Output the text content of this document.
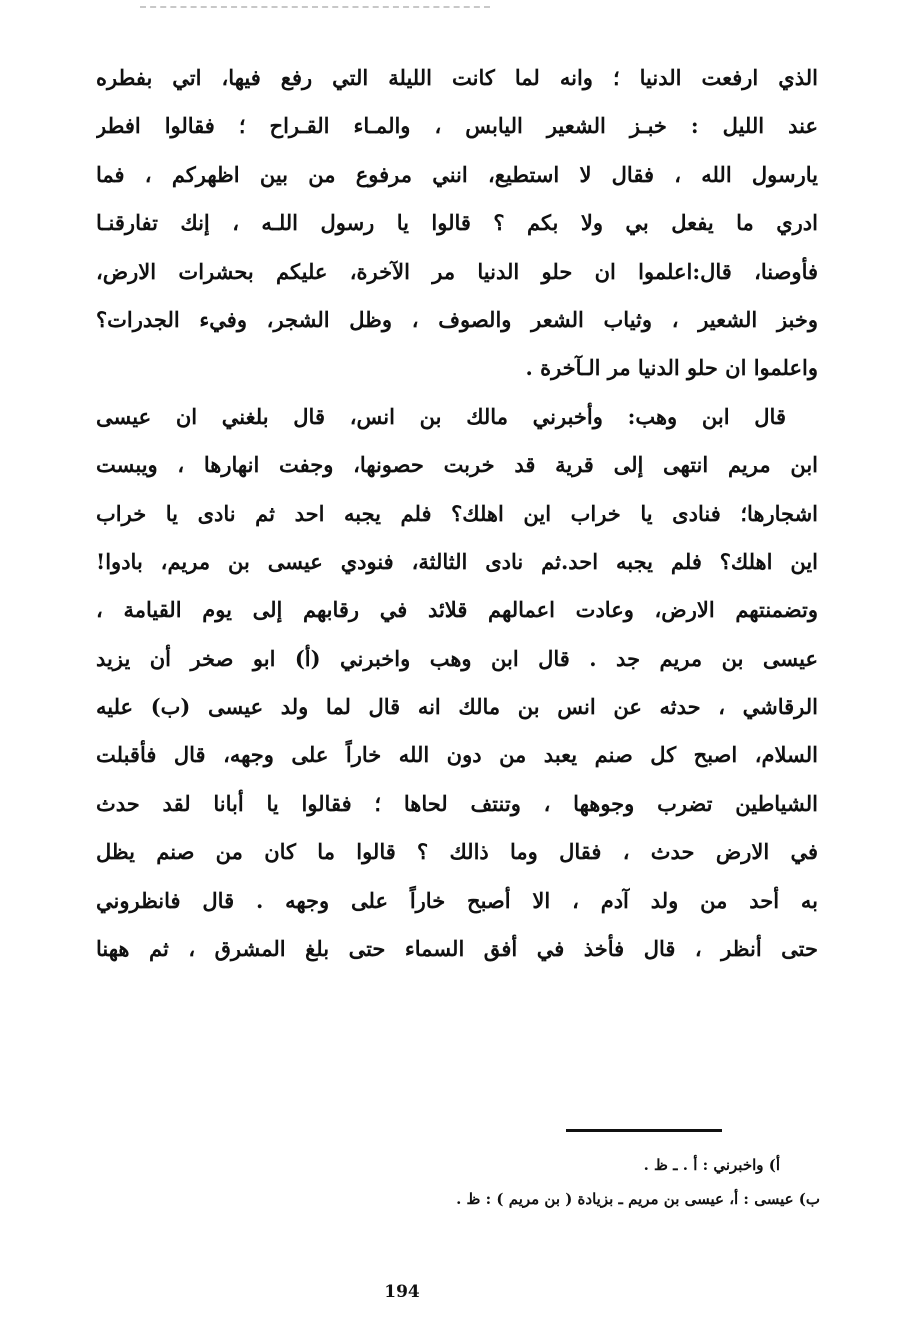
الذي ارفعت الدنيا ؛ وانه لما كانت الليلة التي رفع فيها، اتي بفطره
عند الليل : خبـز الشعير اليابس ، والمـاء القـراح ؛ فقالوا افطر
يارسول الله ، فقال لا استطيع، انني مرفوع من بين اظهركم ، فما
ادري ما يفعل بي ولا بكم ؟ قالوا يا رسول اللـه ، إنك تفارقنـا
فأوصنا، قال:اعلموا ان حلو الدنيا مر الآخرة، عليكم بحشرات الارض،
وخبز الشعير ، وثياب الشعر والصوف ، وظل الشجر، وفيء الجدرات؟
واعلموا ان حلو الدنيا مر الـآخرة .
قال ابن وهب: وأخبرني مالك بن انس، قال بلغني ان عيسى
ابن مريم انتهى إلى قرية قد خربت حصونها، وجفت انهارها ، ويبست
اشجارها؛ فنادى يا خراب اين اهلك؟ فلم يجبه احد ثم نادى يا خراب
اين اهلك؟ فلم يجبه احد.ثم نادى الثالثة، فنودي عيسى بن مريم، بادوا!
وتضمنتهم الارض، وعادت اعمالهم قلائد في رقابهم إلى يوم القيامة ،
عيسى بن مريم جد . قال ابن وهب واخبرني (أ) ابو صخر أن يزيد
الرقاشي ، حدثه عن انس بن مالك انه قال لما ولد عيسى (ب) عليه
السلام، اصبح كل صنم يعبد من دون الله خاراً على وجهه، قال فأقبلت
الشياطين تضرب وجوهها ، وتنتف لحاها ؛ فقالوا يا أبانا لقد حدث
في الارض حدث ، فقال وما ذالك ؟ قالوا ما كان من صنم يظل
به أحد من ولد آدم ، الا أصبح خاراً على وجهه . قال فانظروني
حتى أنظر ، قال فأخذ في أفق السماء حتى بلغ المشرق ، ثم ههنا
أ) واخبرني : أ . ـ ظ .
ب) عيسى : أ، عيسى بن مريم ـ بزيادة ( بن مريم ) : ظ .
194
